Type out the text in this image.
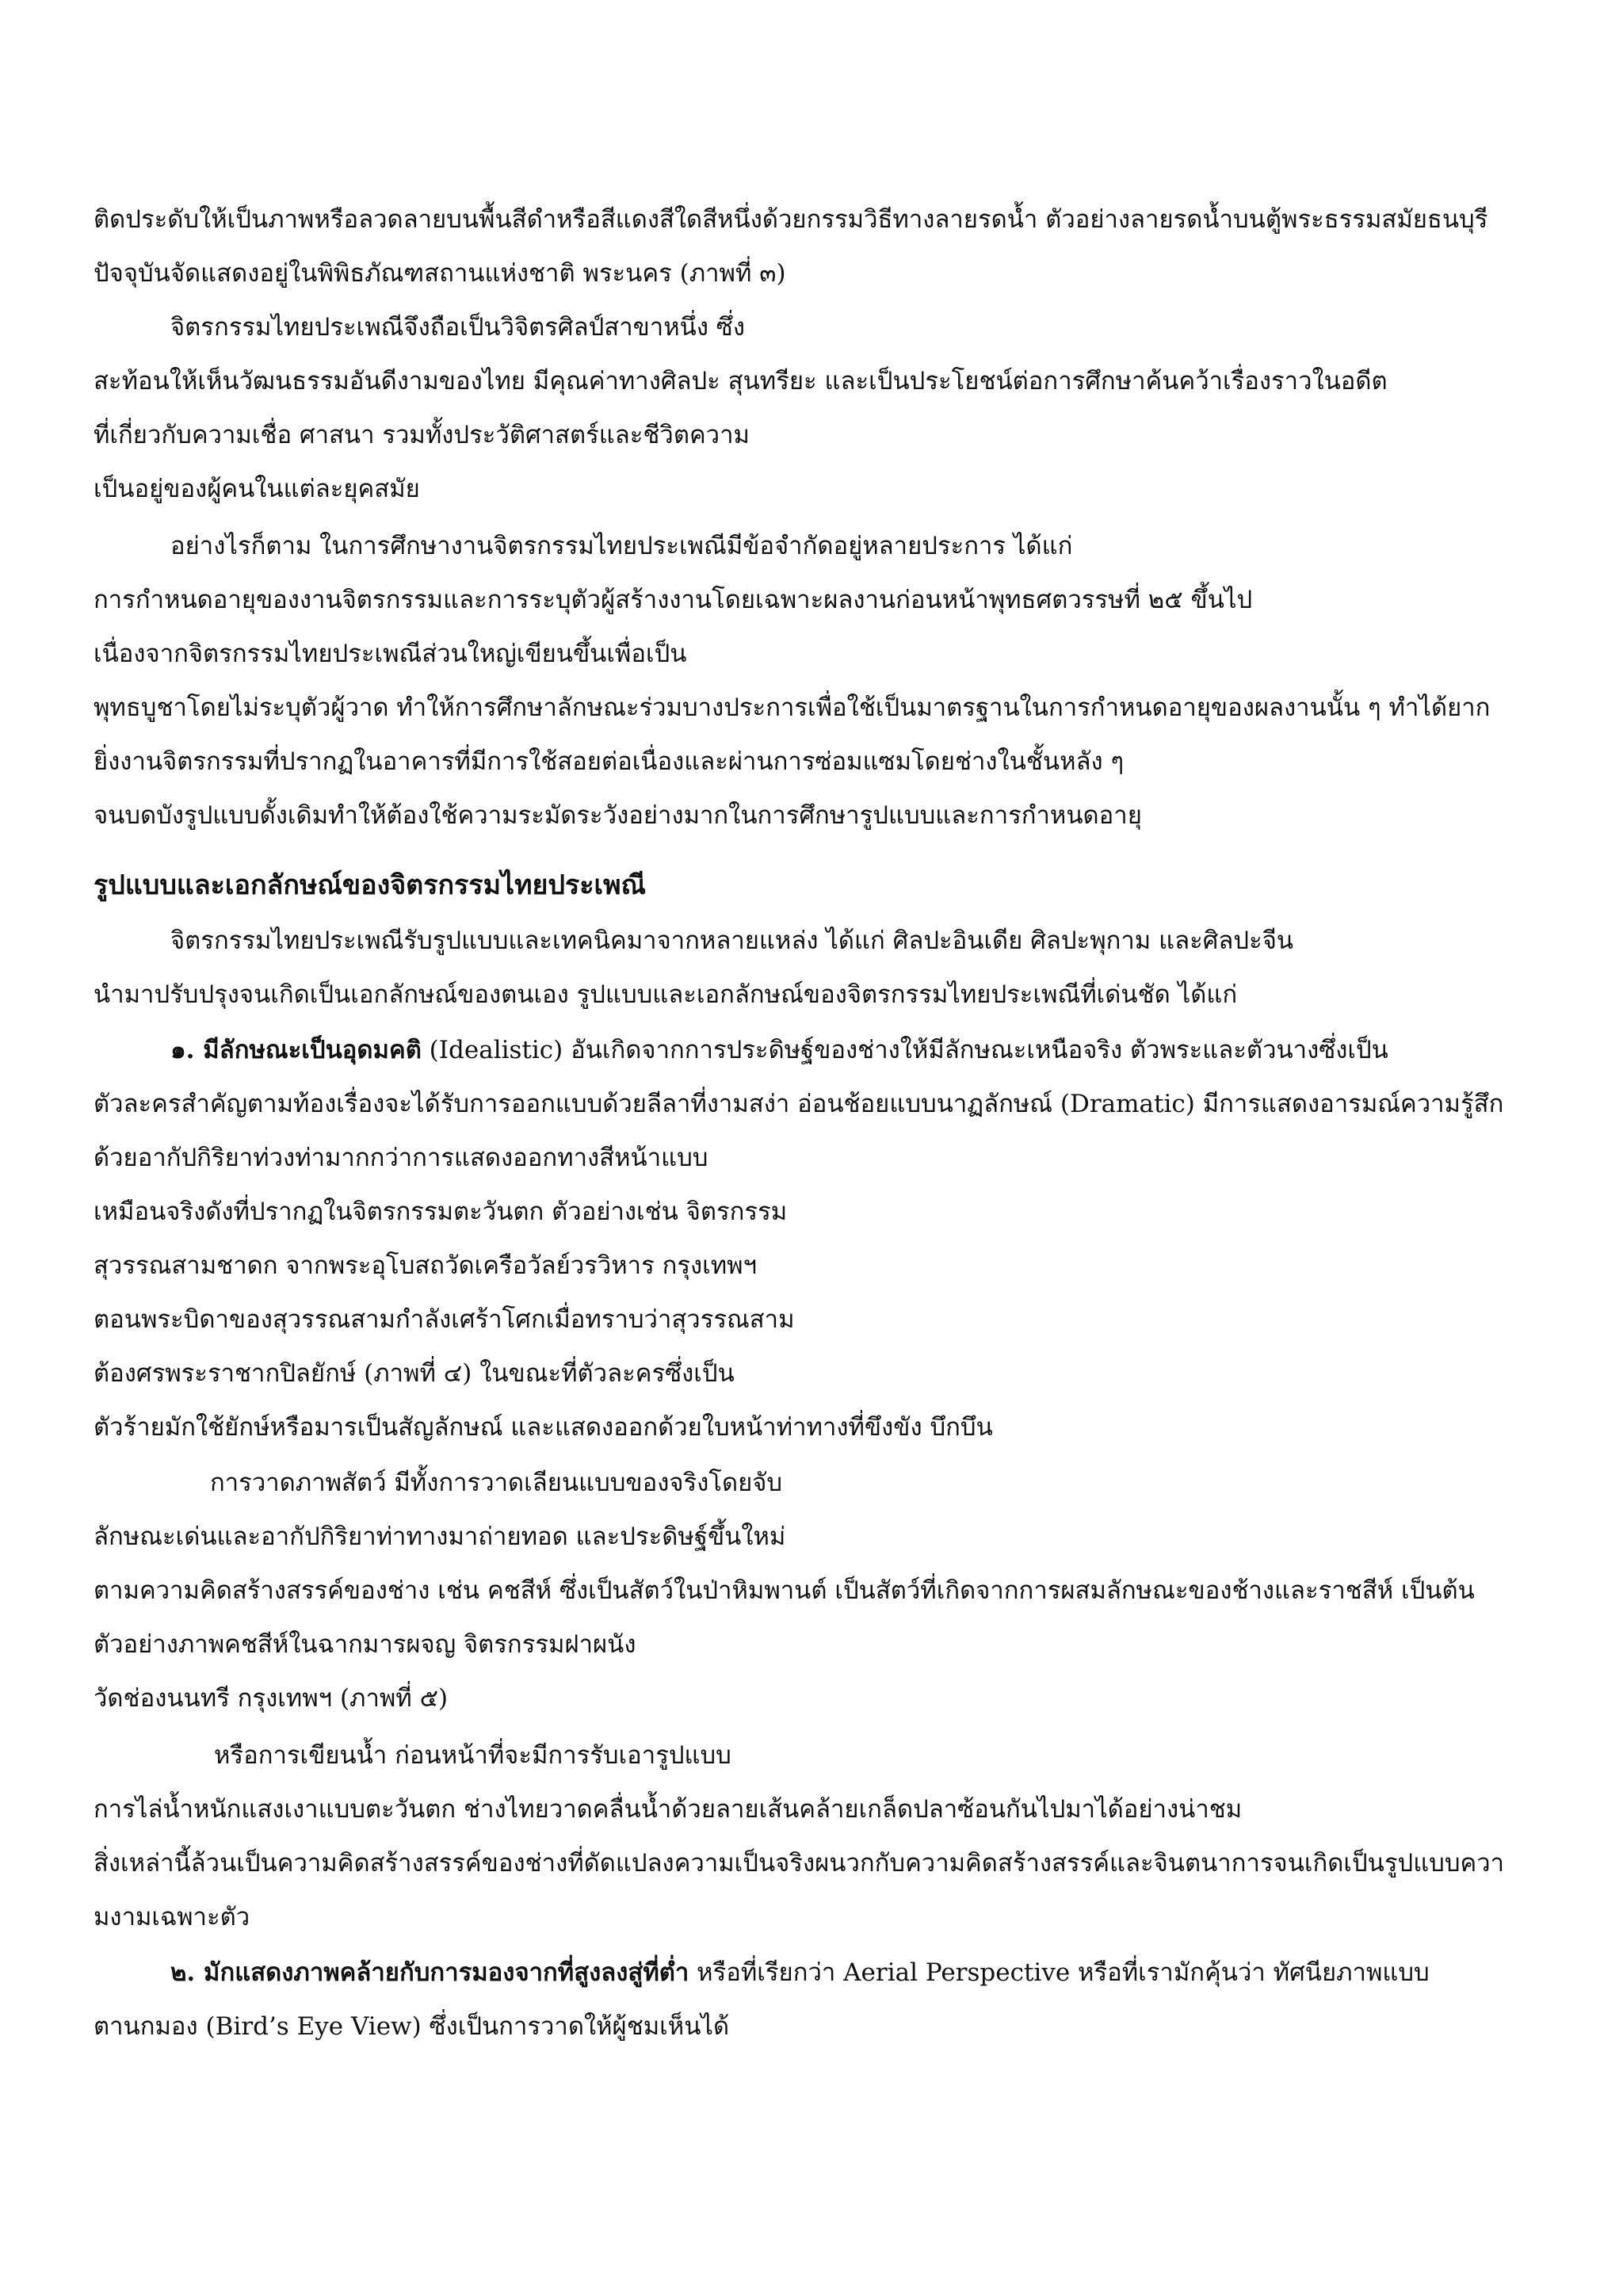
ติดประดับให้เป็นภาพหรือลวดลายบนพื้นสีดำหรือสีแดงสีใดสีหนึ่งด้วยกรรมวิธีทางลายรดน้ำ ตัวอย่างลายรดน้ำบนตู้พระธรรมสมัยธนบุรี
ปัจจุบันจัดแสดงอยู่ในพิพิธภัณฑสถานแห่งชาติ พระนคร (ภาพที่ ๓)
จิตรกรรมไทยประเพณีจึงถือเป็นวิจิตรศิลป์สาขาหนึ่ง ซึ่ง
สะท้อนให้เห็นวัฒนธรรมอันดีงามของไทย มีคุณค่าทางศิลปะ สุนทรียะ และเป็นประโยชน์ต่อการศึกษาค้นคว้าเรื่องราวในอดีต
ที่เกี่ยวกับความเชื่อ ศาสนา รวมทั้งประวัติศาสตร์และชีวิตความ
เป็นอยู่ของผู้คนในแต่ละยุคสมัย
อย่างไรก็ตาม ในการศึกษางานจิตรกรรมไทยประเพณีมีข้อจำกัดอยู่หลายประการ ได้แก่
การกำหนดอายุของงานจิตรกรรมและการระบุตัวผู้สร้างงานโดยเฉพาะผลงานก่อนหน้าพุทธศตวรรษที่ ๒๕ ขึ้นไป
เนื่องจากจิตรกรรมไทยประเพณีส่วนใหญ่เขียนขึ้นเพื่อเป็น
พุทธบูชาโดยไม่ระบุตัวผู้วาด ทำให้การศึกษาลักษณะร่วมบางประการเพื่อใช้เป็นมาตรฐานในการกำหนดอายุของผลงานนั้น ๆ ทำได้ยาก
ยิ่งงานจิตรกรรมที่ปรากฏในอาคารที่มีการใช้สอยต่อเนื่องและผ่านการซ่อมแซมโดยช่างในชั้นหลัง ๆ
จนบดบังรูปแบบดั้งเดิมทำให้ต้องใช้ความระมัดระวังอย่างมากในการศึกษารูปแบบและการกำหนดอายุ
รูปแบบและเอกลักษณ์ของจิตรกรรมไทยประเพณี
จิตรกรรมไทยประเพณีรับรูปแบบและเทคนิคมาจากหลายแหล่ง ได้แก่ ศิลปะอินเดีย ศิลปะพุกาม และศิลปะจีน
นำมาปรับปรุงจนเกิดเป็นเอกลักษณ์ของตนเอง รูปแบบและเอกลักษณ์ของจิตรกรรมไทยประเพณีที่เด่นชัด ได้แก่
๑. มีลักษณะเป็นอุดมคติ (Idealistic) อันเกิดจากการประดิษฐ์ของช่างให้มีลักษณะเหนือจริง ตัวพระและตัวนางซึ่งเป็น
ตัวละครสำคัญตามท้องเรื่องจะได้รับการออกแบบด้วยลีลาที่งามสง่า อ่อนช้อยแบบนาฏลักษณ์ (Dramatic) มีการแสดงอารมณ์ความรู้สึก
ด้วยอากัปกิริยาท่วงท่ามากกว่าการแสดงออกทางสีหน้าแบบ
เหมือนจริงดังที่ปรากฏในจิตรกรรมตะวันตก ตัวอย่างเช่น จิตรกรรม
สุวรรณสามชาดก จากพระอุโบสถวัดเครือวัลย์วรวิหาร กรุงเทพฯ
ตอนพระบิดาของสุวรรณสามกำลังเศร้าโศกเมื่อทราบว่าสุวรรณสาม
ต้องศรพระราชากปิลยักษ์ (ภาพที่ ๔) ในขณะที่ตัวละครซึ่งเป็น
ตัวร้ายมักใช้ยักษ์หรือมารเป็นสัญลักษณ์ และแสดงออกด้วยใบหน้าท่าทางที่ขึงขัง บึกบึน
การวาดภาพสัตว์ มีทั้งการวาดเลียนแบบของจริงโดยจับ
ลักษณะเด่นและอากัปกิริยาท่าทางมาถ่ายทอด และประดิษฐ์ขึ้นใหม่
ตามความคิดสร้างสรรค์ของช่าง เช่น คชสีห์ ซึ่งเป็นสัตว์ในป่าหิมพานต์ เป็นสัตว์ที่เกิดจากการผสมลักษณะของช้างและราชสีห์ เป็นต้น
ตัวอย่างภาพคชสีห์ในฉากมารผจญ จิตรกรรมฝาผนัง
วัดช่องนนทรี กรุงเทพฯ (ภาพที่ ๕)
หรือการเขียนน้ำ ก่อนหน้าที่จะมีการรับเอารูปแบบ
การไล่น้ำหนักแสงเงาแบบตะวันตก ช่างไทยวาดคลื่นน้ำด้วยลายเส้นคล้ายเกล็ดปลาซ้อนกันไปมาได้อย่างน่าชม
สิ่งเหล่านี้ล้วนเป็นความคิดสร้างสรรค์ของช่างที่ดัดแปลงความเป็นจริงผนวกกับความคิดสร้างสรรค์และจินตนาการจนเกิดเป็นรูปแบบควา
มงามเฉพาะตัว
๒. มักแสดงภาพคล้ายกับการมองจากที่สูงลงสู่ที่ต่ำ หรือที่เรียกว่า Aerial Perspective หรือที่เรามักคุ้นว่า ทัศนียภาพแบบ
ตานกมอง (Bird’s Eye View) ซึ่งเป็นการวาดให้ผู้ชมเห็นได้
